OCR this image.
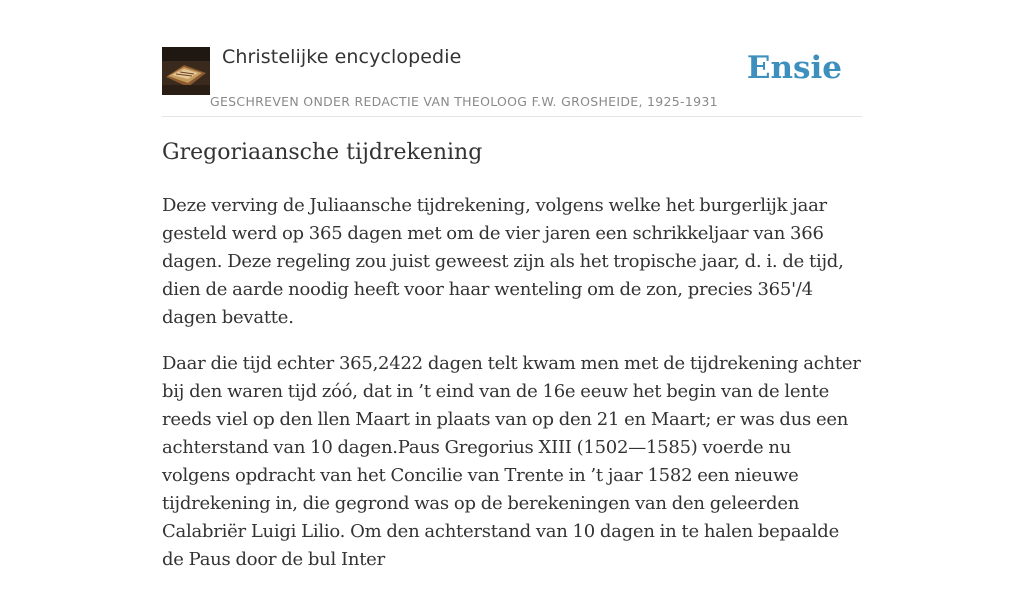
Christelijke encyclopedie
GESCHREVEN ONDER REDACTIE VAN THEOLOOG F.W. GROSHEIDE, 1925-1931
Ensie
Gregoriaansche tijdrekening

Deze verving de Juliaansche tijdrekening, volgens welke het burgerlijk jaar gesteld werd op 365 dagen met om de vier jaren een schrikkeljaar van 366 dagen. Deze regeling zou juist geweest zijn als het tropische jaar, d. i. de tijd, dien de aarde noodig heeft voor haar wenteling om de zon, precies 365'/4 dagen bevatte.

Daar die tijd echter 365,2422 dagen telt kwam men met de tijdrekening achter bij den waren tijd zóó, dat in ’t eind van de 16e eeuw het begin van de lente reeds viel op den llen Maart in plaats van op den 21 en Maart; er was dus een achterstand van 10 dagen.Paus Gregorius XIII (1502—1585) voerde nu volgens opdracht van het Concilie van Trente in ’t jaar 1582 een nieuwe tijdrekening in, die gegrond was op de berekeningen van den geleerden Calabriër Luigi Lilio. Om den achterstand van 10 dagen in te halen bepaalde de Paus door de bul Inter
